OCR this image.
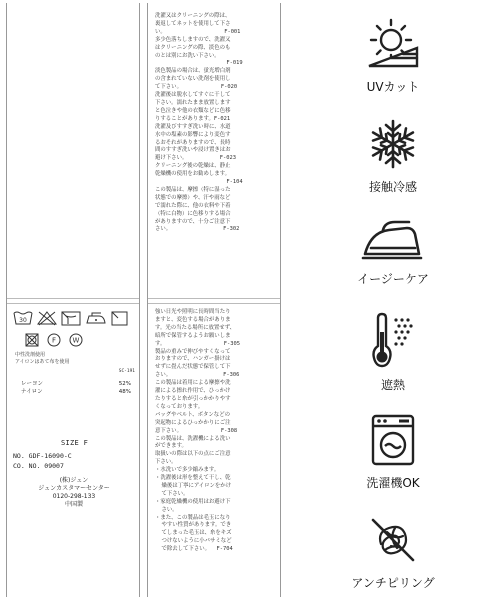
30
F W
中性洗剤使用
アイロンはあて布を使用
SC-191
レーヨン	52%
ナイロン	48%
SIZE F
NO. GDF-16090-C
CO. NO. 09007
(株)ジュン
ジュンカスタマーセンター
0120-298-133
中国製
洗濯又はクリーニングの際は、
裏返してネットを使用して下さ
い。                  F-001
多少色落ちしますので、洗濯又
はクリーニングの際、淡色のも
のとは別にお洗い下さい。
F-019
淡色製品の場合は、蛍光増白剤
の含まれていない洗剤を使用し
て下さい。            F-020
洗濯後は脱水してすぐに干して
下さい。濡れたまま放置します
と色泣きや他の衣類などに色移
りすることがあります。F-021
洗濯及びすすぎ洗い時に、水道
水中の塩素の影響により変色す
るおそれがありますので、長時
間のすすぎ洗いや浸け置きはお
避け下さい。          F-023
クリーニング後の乾燥は、静止
乾燥機の使用をお勧めします。
F-104
この製品は、摩擦（特に湿った
状態での摩擦）や、汗や雨など
で濡れた際に、他の衣料や下着
（特に白物）に色移りする場合
がありますので、十分ご注意下
さい。                F-302
強い日光や照明に長時間当たり
ますと、変色する場合がありま
す。光の当たる場所に放置せず、
暗所で保管するようお願いしま
す。                  F-305
製品の重みで伸びやすくなって
おりますので、ハンガー掛けは
せずに畳んだ状態で保管して下
さい。                F-306
この製品は着用による摩擦や洗
濯による擦れ作用で、ひっかけ
たりすると糸が引っかかりやす
くなっております。
バッグやベルト、ボタンなどの
突起物によるひっかかりにご注
意下さい。            F-308
この製品は、洗濯機による洗い
ができます。
取扱いの際は以下の点にご注意
下さい。
・水洗いで多少縮みます。
・洗濯後は形を整えて干し、乾
燥後は丁寧にアイロンをかけ
て下さい。
・家庭乾燥機の使用はお避け下
さい。
・また、この製品は毛玉になり
やすい性質があります。でき
てしまった毛玉は、糸をキズ
つけないように小バサミなど
で除去して下さい。  F-704
UVカット
接触冷感
イージーケア
遮熱
洗濯機OK
アンチピリング
